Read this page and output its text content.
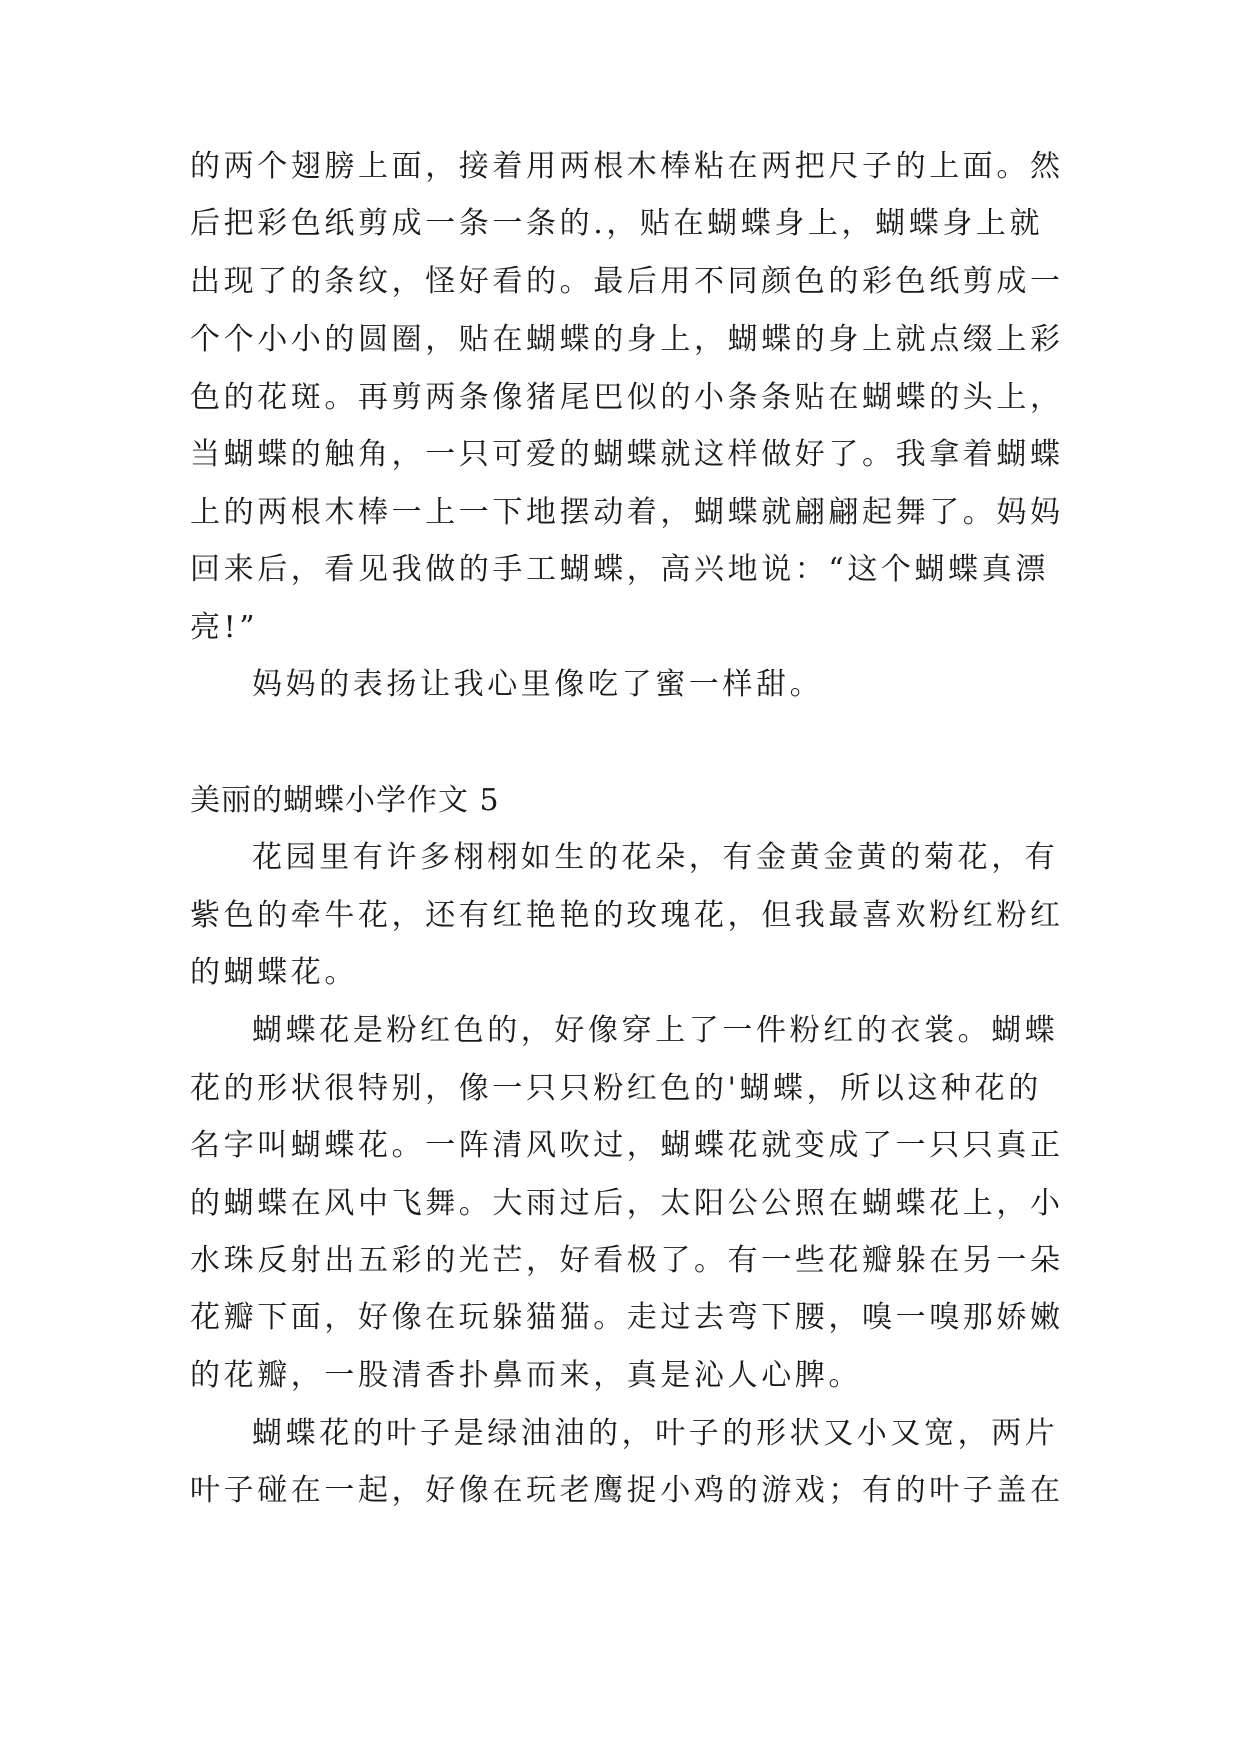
的两个翅膀上面，接着用两根木棒粘在两把尺子的上面。然
后把彩色纸剪成一条一条的.，贴在蝴蝶身上，蝴蝶身上就
出现了的条纹，怪好看的。最后用不同颜色的彩色纸剪成一
个个小小的圆圈，贴在蝴蝶的身上，蝴蝶的身上就点缀上彩
色的花斑。再剪两条像猪尾巴似的小条条贴在蝴蝶的头上，
当蝴蝶的触角，一只可爱的蝴蝶就这样做好了。我拿着蝴蝶
上的两根木棒一上一下地摆动着，蝴蝶就翩翩起舞了。妈妈
回来后，看见我做的手工蝴蝶，高兴地说：“这个蝴蝶真漂
亮!”
妈妈的表扬让我心里像吃了蜜一样甜。
美丽的蝴蝶小学作文 5
花园里有许多栩栩如生的花朵，有金黄金黄的菊花，有
紫色的牵牛花，还有红艳艳的玫瑰花，但我最喜欢粉红粉红
的蝴蝶花。
蝴蝶花是粉红色的，好像穿上了一件粉红的衣裳。蝴蝶
花的形状很特别，像一只只粉红色的'蝴蝶，所以这种花的
名字叫蝴蝶花。一阵清风吹过，蝴蝶花就变成了一只只真正
的蝴蝶在风中飞舞。大雨过后，太阳公公照在蝴蝶花上，小
水珠反射出五彩的光芒，好看极了。有一些花瓣躲在另一朵
花瓣下面，好像在玩躲猫猫。走过去弯下腰，嗅一嗅那娇嫩
的花瓣，一股清香扑鼻而来，真是沁人心脾。
蝴蝶花的叶子是绿油油的，叶子的形状又小又宽，两片
叶子碰在一起，好像在玩老鹰捉小鸡的游戏；有的叶子盖在
